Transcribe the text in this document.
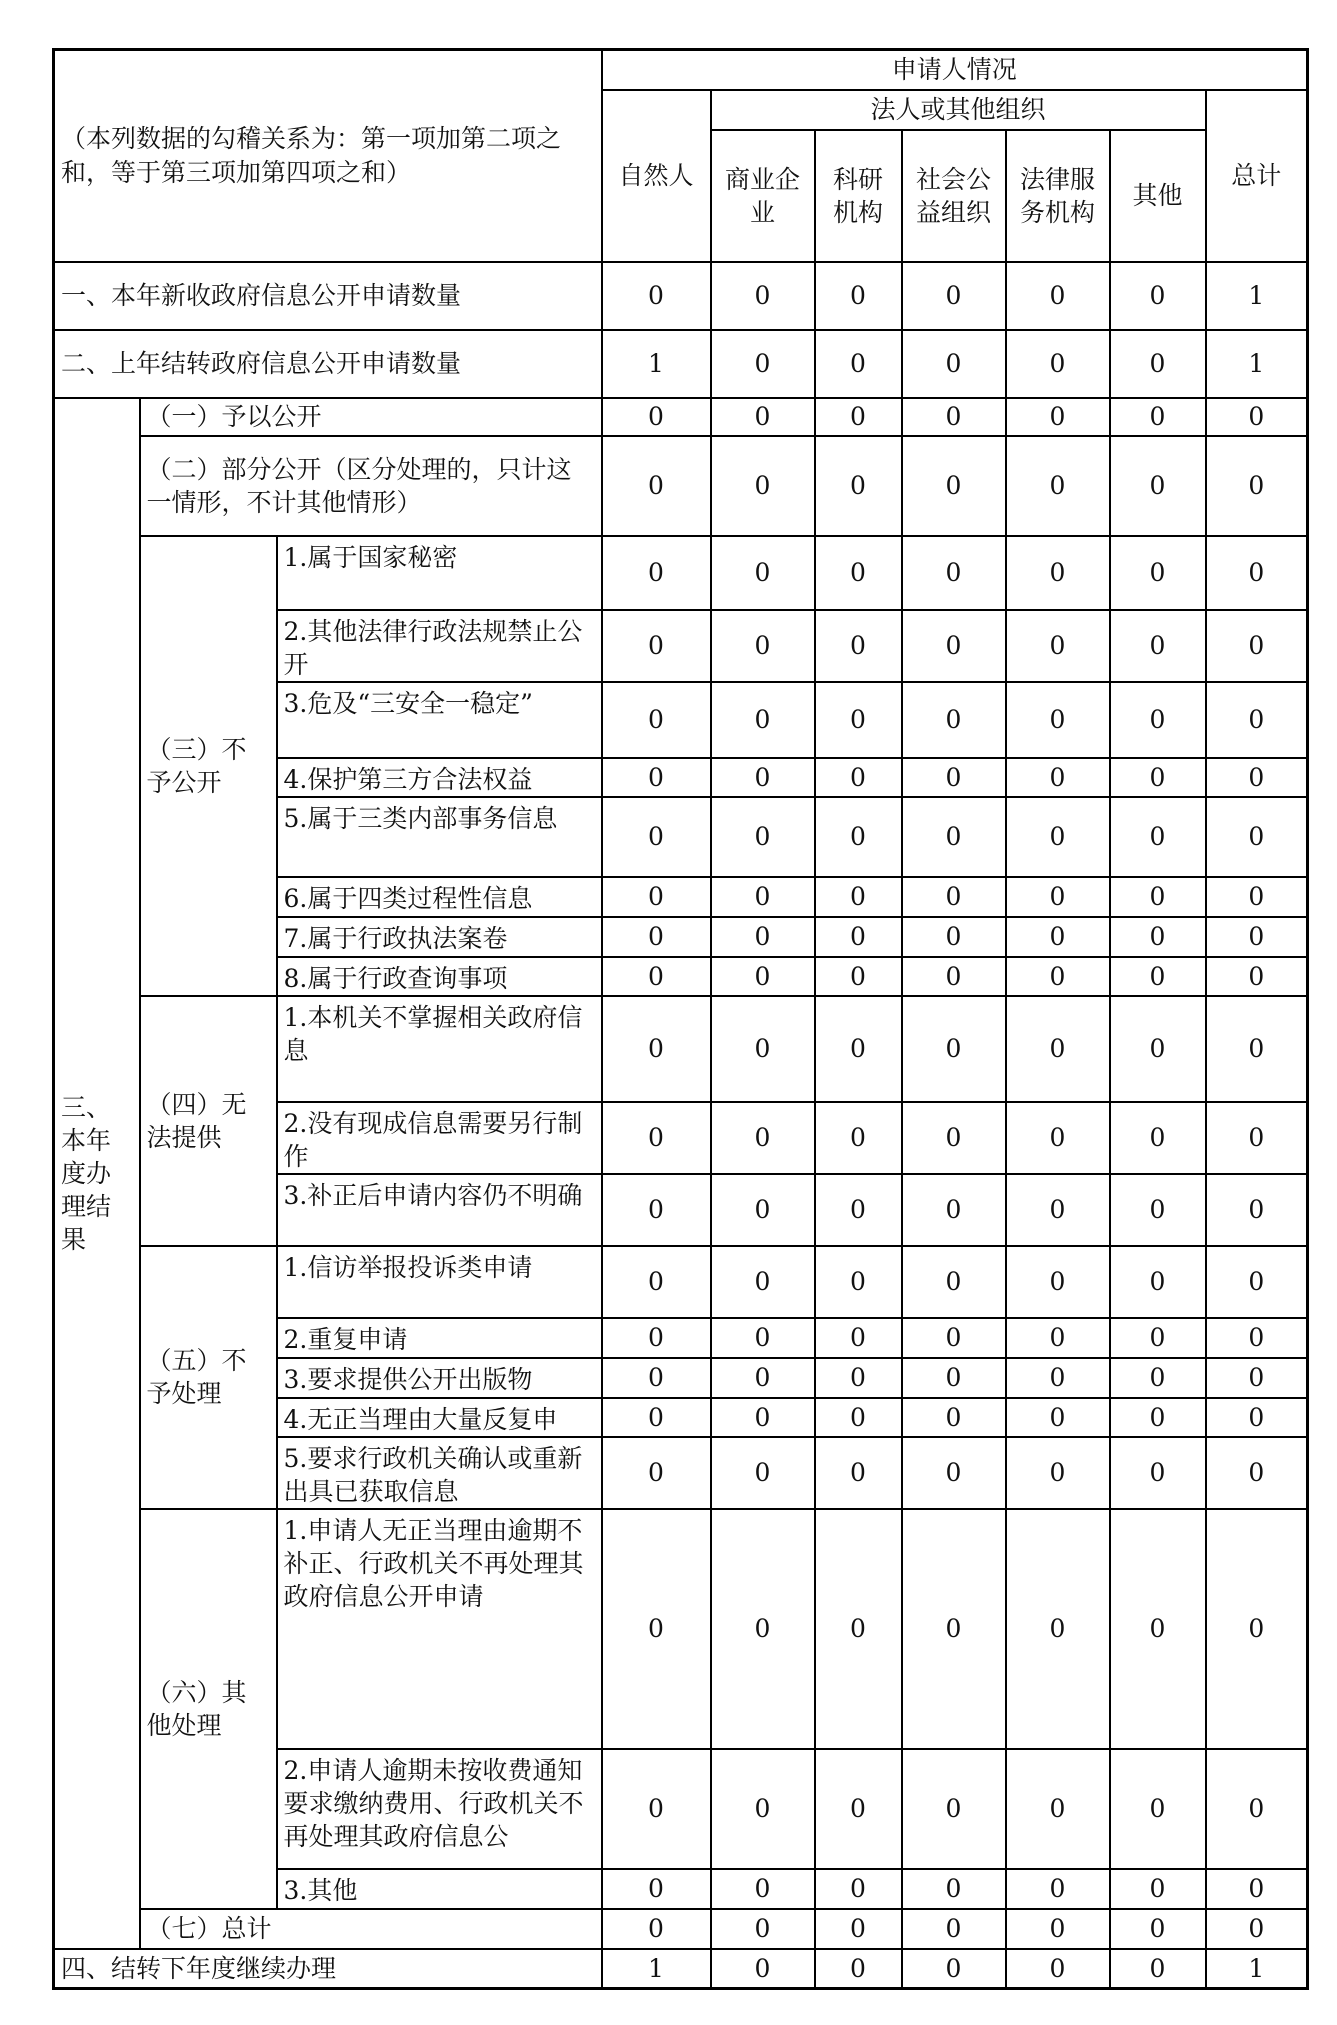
（本列数据的勾稽关系为：第一项加第二项之和，等于第三项加第四项之和）			申请人情况						
			自然人	法人或其他组织					总计
				商业企业	科研机构	社会公益组织	法律服务机构	其他	
一、本年新收政府信息公开申请数量			0	0	0	0	0	0	1
二、上年结转政府信息公开申请数量			1	0	0	0	0	0	1
三、本年度办理结果	（一）予以公开		0	0	0	0	0	0	0
	（二）部分公开（区分处理的，只计这一情形，不计其他情形）		0	0	0	0	0	0	0
	（三）不予公开	1.属于国家秘密	0	0	0	0	0	0	0
		2.其他法律行政法规禁止公开	0	0	0	0	0	0	0
		3.危及“三安全一稳定”	0	0	0	0	0	0	0
		4.保护第三方合法权益	0	0	0	0	0	0	0
		5.属于三类内部事务信息	0	0	0	0	0	0	0
		6.属于四类过程性信息	0	0	0	0	0	0	0
		7.属于行政执法案卷	0	0	0	0	0	0	0
		8.属于行政查询事项	0	0	0	0	0	0	0
	（四）无法提供	1.本机关不掌握相关政府信息	0	0	0	0	0	0	0
		2.没有现成信息需要另行制作	0	0	0	0	0	0	0
		3.补正后申请内容仍不明确	0	0	0	0	0	0	0
	（五）不予处理	1.信访举报投诉类申请	0	0	0	0	0	0	0
		2.重复申请	0	0	0	0	0	0	0
		3.要求提供公开出版物	0	0	0	0	0	0	0
		4.无正当理由大量反复申	0	0	0	0	0	0	0
		5.要求行政机关确认或重新出具已获取信息	0	0	0	0	0	0	0
	（六）其他处理	1.申请人无正当理由逾期不补正、行政机关不再处理其政府信息公开申请	0	0	0	0	0	0	0
		2.申请人逾期未按收费通知要求缴纳费用、行政机关不再处理其政府信息公	0	0	0	0	0	0	0
		3.其他	0	0	0	0	0	0	0
	（七）总计		0	0	0	0	0	0	0
四、结转下年度继续办理			1	0	0	0	0	0	1
